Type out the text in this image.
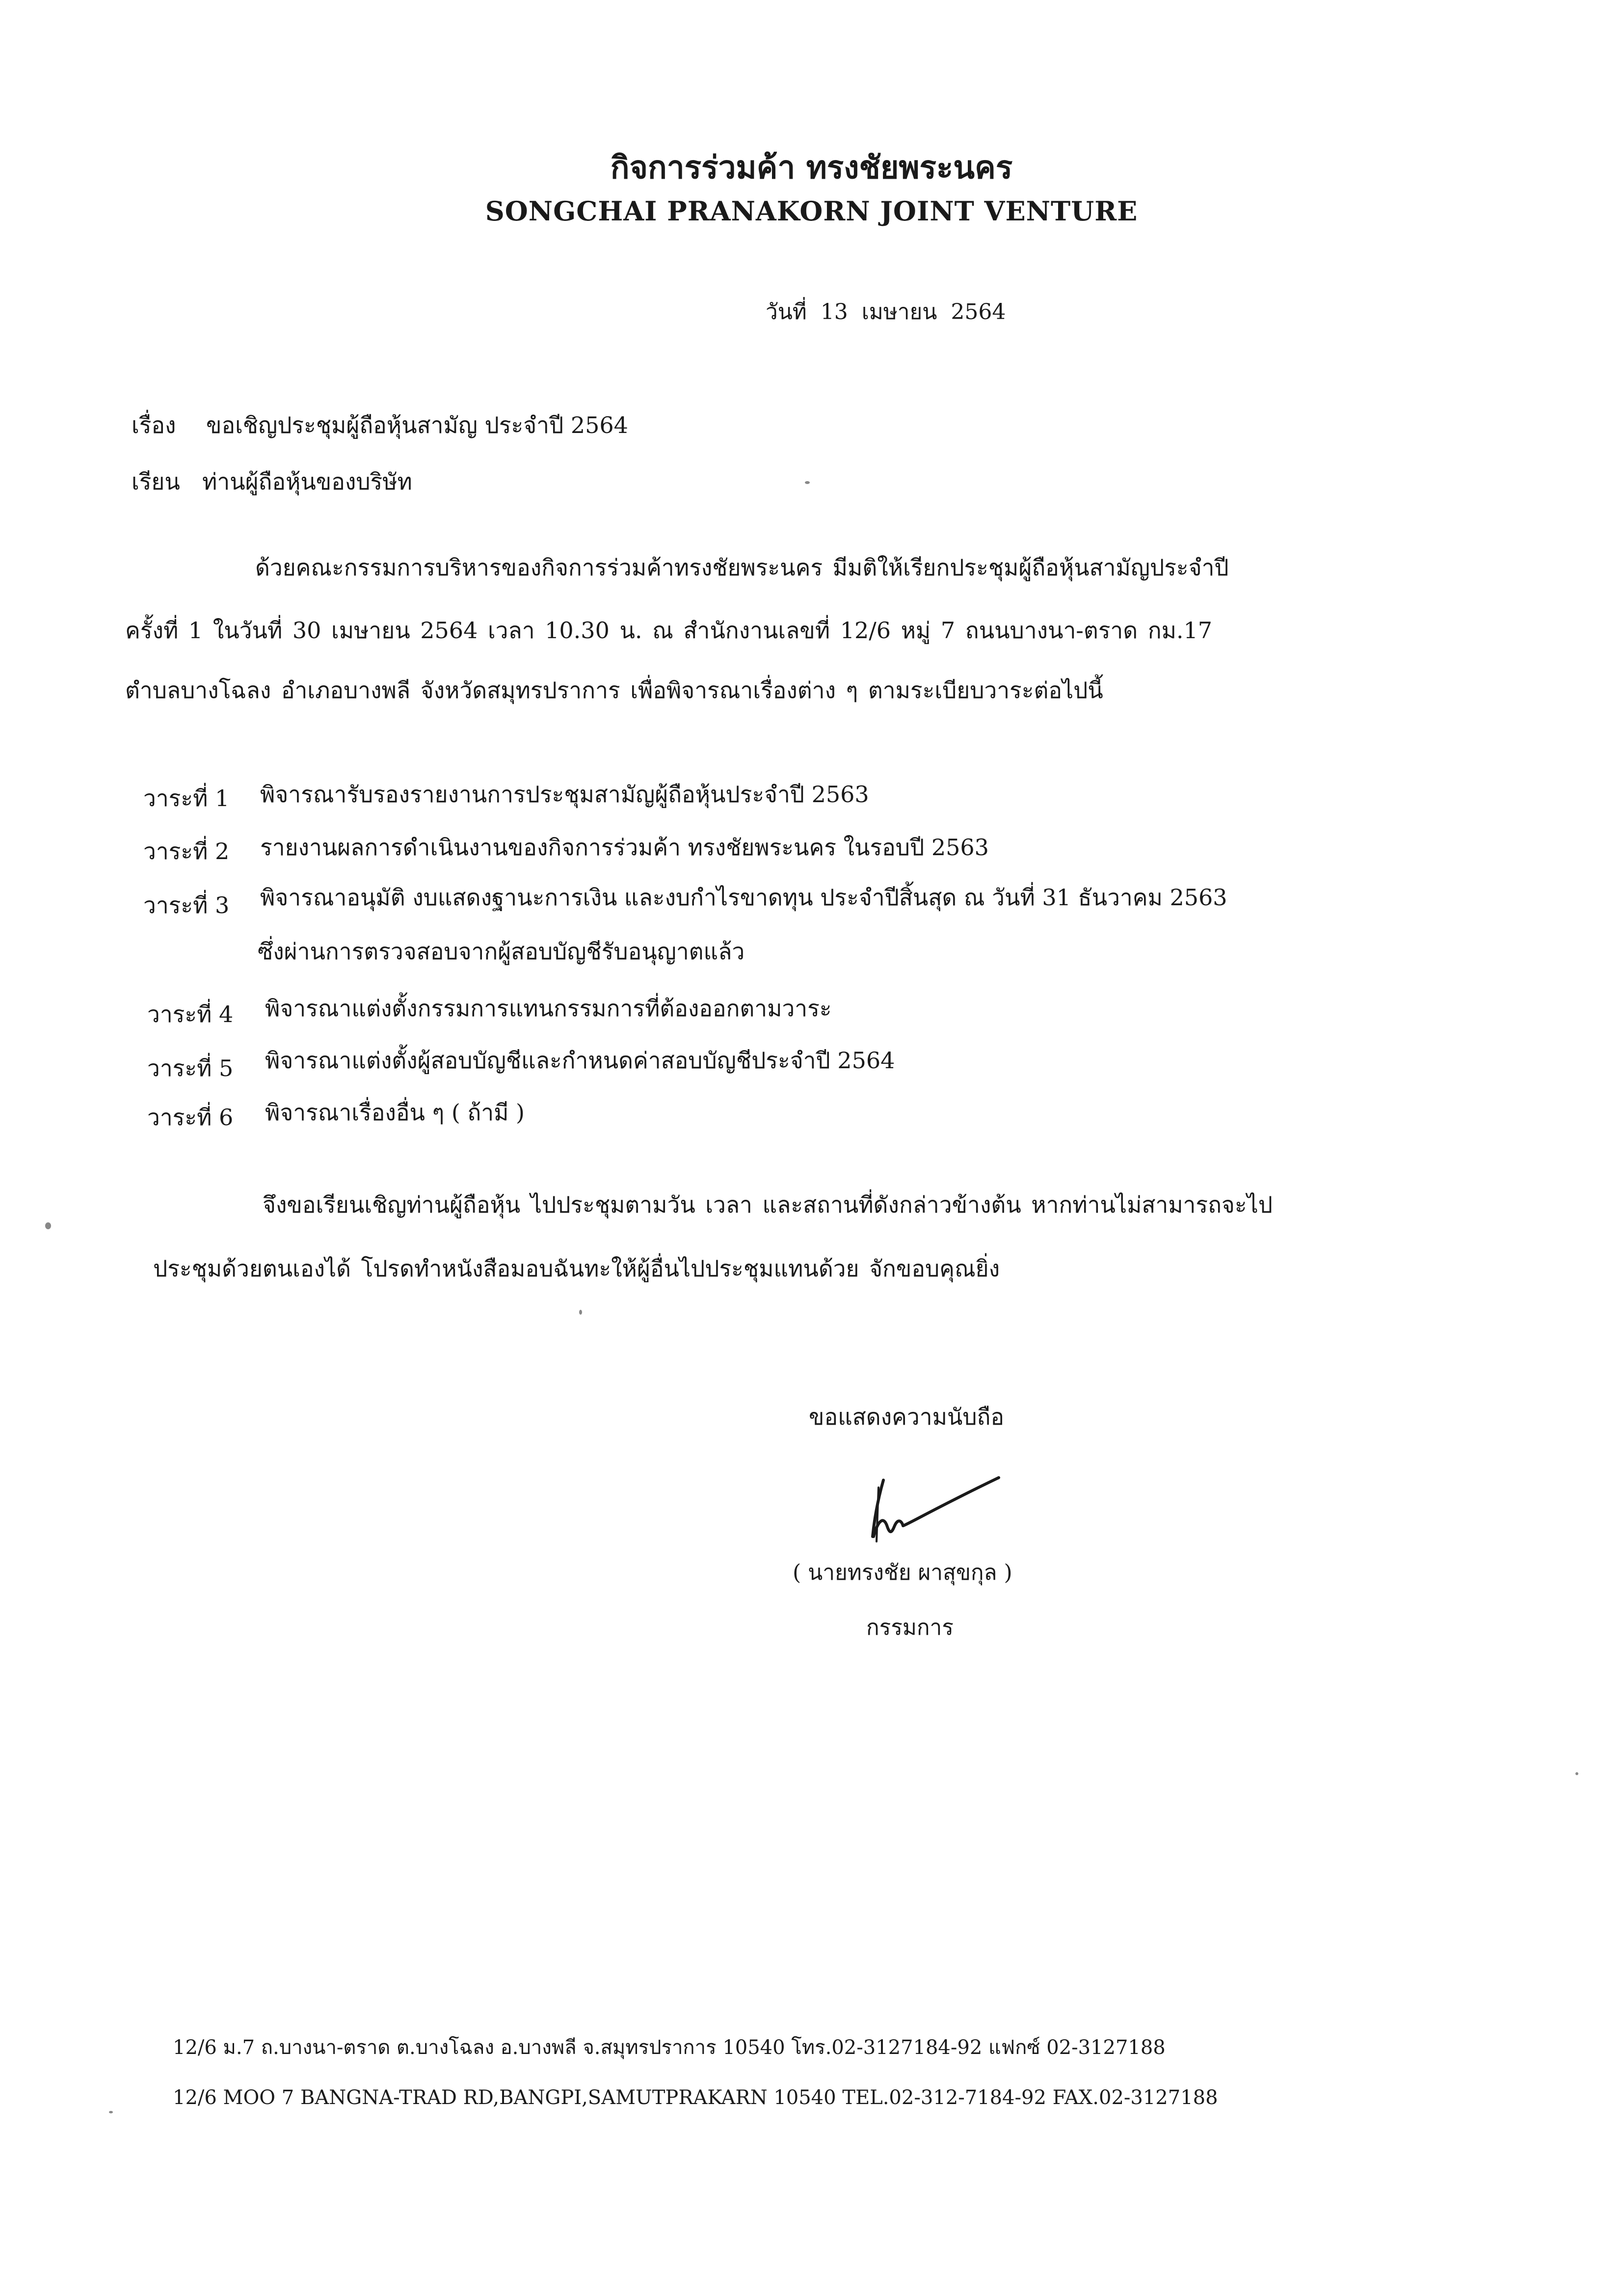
กิจการร่วมค้า ทรงชัยพระนคร
SONGCHAI PRANAKORN JOINT VENTURE
วันที่ 13 เมษายน 2564
เรื่อง ขอเชิญประชุมผู้ถือหุ้นสามัญ ประจำปี 2564
เรียน ท่านผู้ถือหุ้นของบริษัท
ด้วยคณะกรรมการบริหารของกิจการร่วมค้าทรงชัยพระนคร มีมติให้เรียกประชุมผู้ถือหุ้นสามัญประจำปี
ครั้งที่ 1 ในวันที่ 30 เมษายน 2564 เวลา 10.30 น. ณ สำนักงานเลขที่ 12/6 หมู่ 7 ถนนบางนา-ตราด กม.17
ตำบลบางโฉลง อำเภอบางพลี จังหวัดสมุทรปราการ เพื่อพิจารณาเรื่องต่าง ๆ ตามระเบียบวาระต่อไปนี้
วาระที่ 1 พิจารณารับรองรายงานการประชุมสามัญผู้ถือหุ้นประจำปี 2563
วาระที่ 2 รายงานผลการดำเนินงานของกิจการร่วมค้า ทรงชัยพระนคร ในรอบปี 2563
วาระที่ 3 พิจารณาอนุมัติ งบแสดงฐานะการเงิน และงบกำไรขาดทุน ประจำปีสิ้นสุด ณ วันที่ 31 ธันวาคม 2563
ซึ่งผ่านการตรวจสอบจากผู้สอบบัญชีรับอนุญาตแล้ว
วาระที่ 4 พิจารณาแต่งตั้งกรรมการแทนกรรมการที่ต้องออกตามวาระ
วาระที่ 5 พิจารณาแต่งตั้งผู้สอบบัญชีและกำหนดค่าสอบบัญชีประจำปี 2564
วาระที่ 6 พิจารณาเรื่องอื่น ๆ ( ถ้ามี )
จึงขอเรียนเชิญท่านผู้ถือหุ้น ไปประชุมตามวัน เวลา และสถานที่ดังกล่าวข้างต้น หากท่านไม่สามารถจะไป
ประชุมด้วยตนเองได้ โปรดทำหนังสือมอบฉันทะให้ผู้อื่นไปประชุมแทนด้วย จักขอบคุณยิ่ง
ขอแสดงความนับถือ
( นายทรงชัย ผาสุขกุล )
กรรมการ
12/6 ม.7 ถ.บางนา-ตราด ต.บางโฉลง อ.บางพลี จ.สมุทรปราการ 10540 โทร.02-3127184-92 แฟกซ์ 02-3127188
12/6 MOO 7 BANGNA-TRAD RD,BANGPI,SAMUTPRAKARN 10540 TEL.02-312-7184-92 FAX.02-3127188
